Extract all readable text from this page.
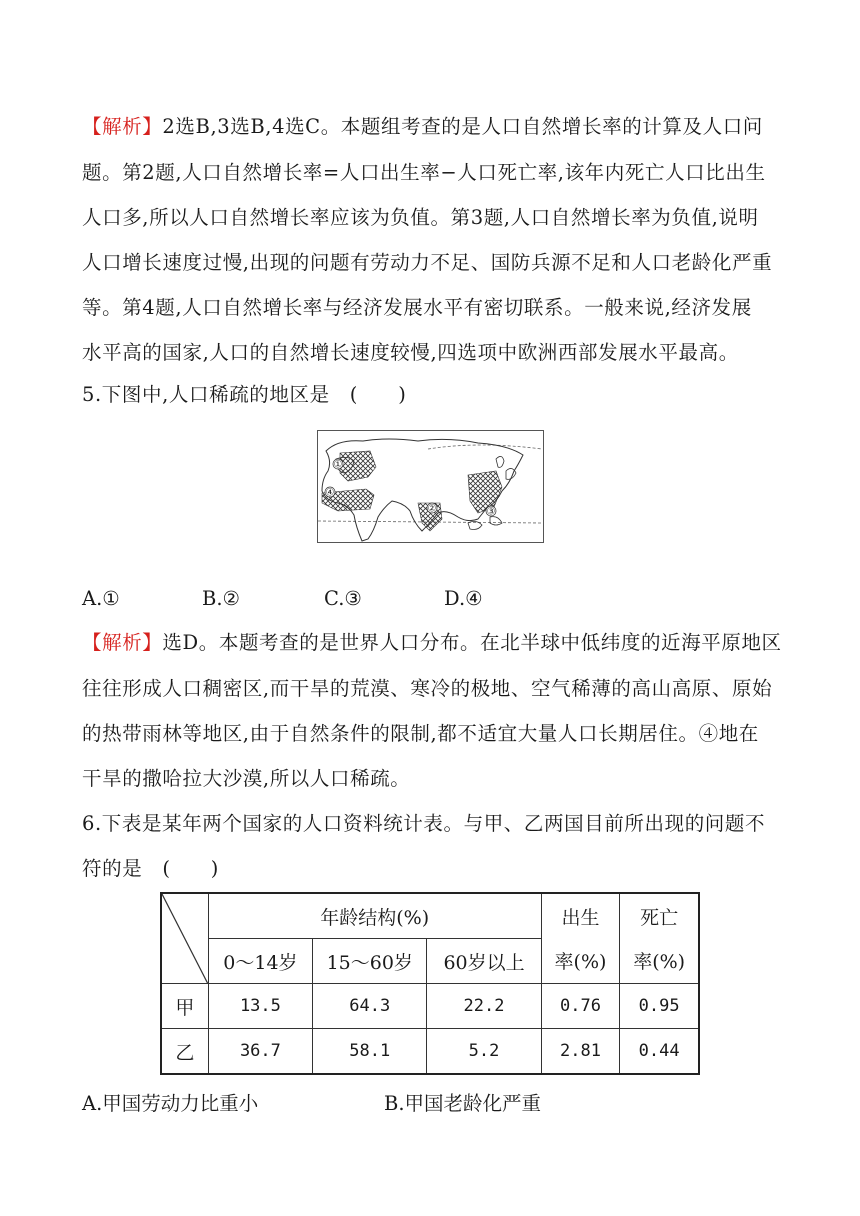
【解析】2选B,3选B,4选C。本题组考查的是人口自然增长率的计算及人口问
题。第2题,人口自然增长率=人口出生率−人口死亡率,该年内死亡人口比出生
人口多,所以人口自然增长率应该为负值。第3题,人口自然增长率为负值,说明
人口增长速度过慢,出现的问题有劳动力不足、国防兵源不足和人口老龄化严重
等。第4题,人口自然增长率与经济发展水平有密切联系。一般来说,经济发展
水平高的国家,人口的自然增长速度较慢,四选项中欧洲西部发展水平最高。
5.下图中,人口稀疏的地区是　(　　)
①
②	③
④
A.①	B.②	C.③	D.④
【解析】选D。本题考查的是世界人口分布。在北半球中低纬度的近海平原地区
往往形成人口稠密区,而干旱的荒漠、寒冷的极地、空气稀薄的高山高原、原始
的热带雨林等地区,由于自然条件的限制,都不适宜大量人口长期居住。④地在
干旱的撒哈拉大沙漠,所以人口稀疏。
6.下表是某年两个国家的人口资料统计表。与甲、乙两国目前所出现的问题不
符的是　(　　)
	年龄结构(%)			出生	死亡
	0～14岁	15～60岁	60岁以上	率(%)	率(%)
甲	13.5	64.3	22.2	0.76	0.95
乙	36.7	58.1	5.2	2.81	0.44
A.甲国劳动力比重小	B.甲国老龄化严重
